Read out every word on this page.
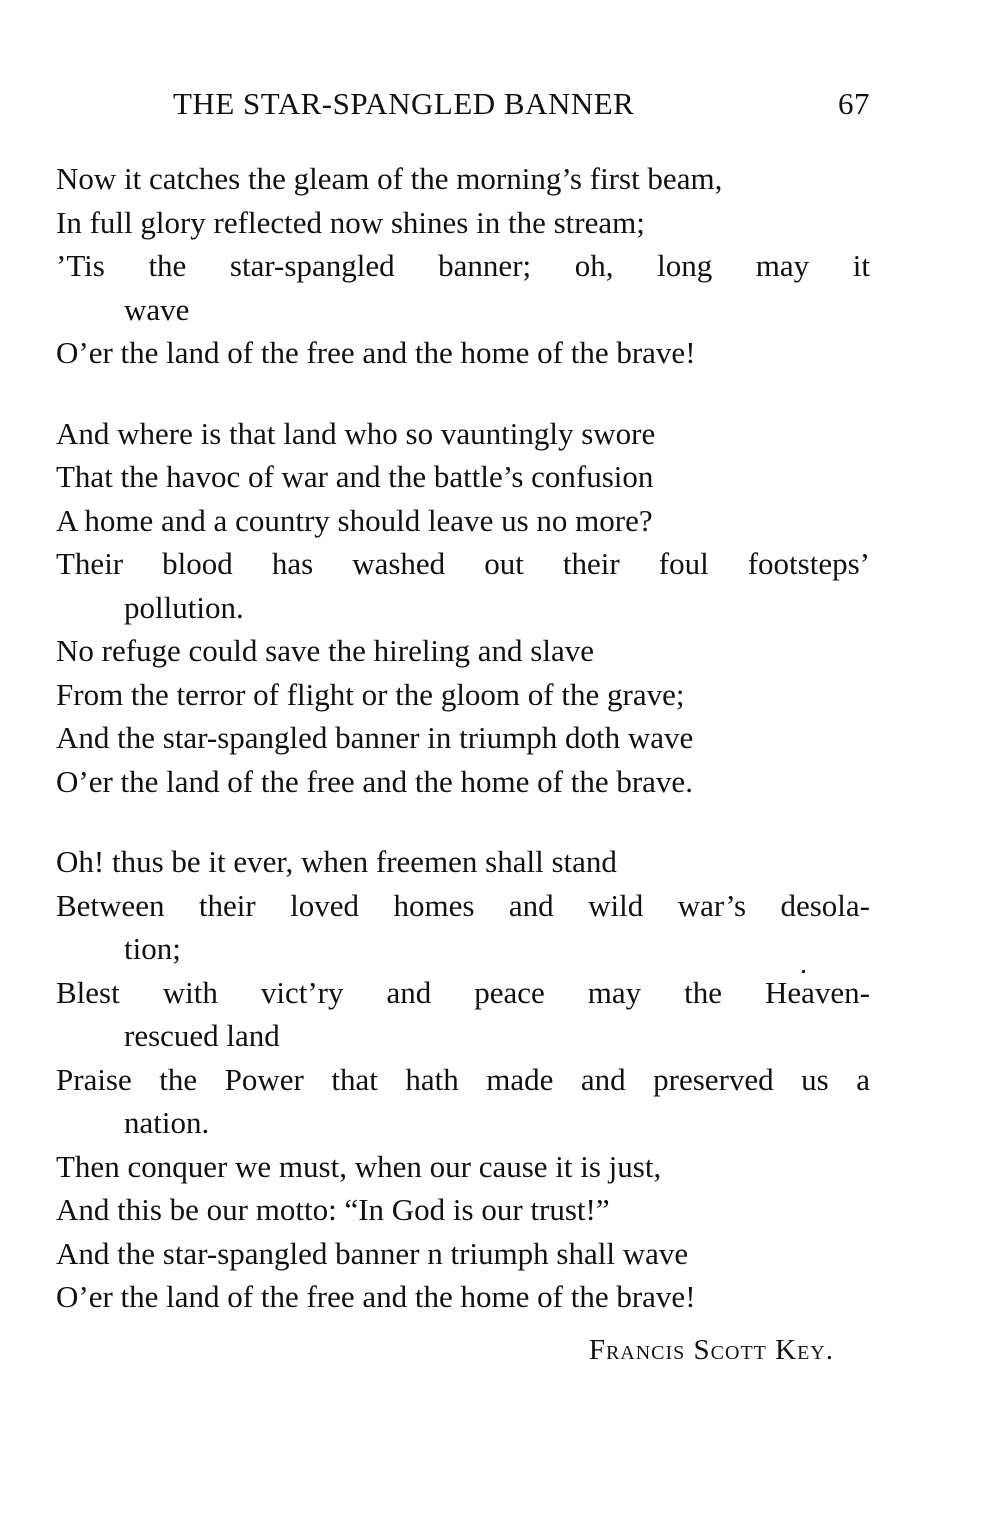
THE STAR-SPANGLED BANNER	67
Now it catches the gleam of the morning’s first beam,
In full glory reflected now shines in the stream;
’Tis the star-spangled banner; oh, long may it
wave
O’er the land of the free and the home of the brave!
And where is that land who so vauntingly swore
That the havoc of war and the battle’s confusion
A home and a country should leave us no more?
Their blood has washed out their foul footsteps’
pollution.
No refuge could save the hireling and slave
From the terror of flight or the gloom of the grave;
And the star-spangled banner in triumph doth wave
O’er the land of the free and the home of the brave.
Oh! thus be it ever, when freemen shall stand
Between their loved homes and wild war’s desola-
tion;
Blest with vict’ry and peace may the Heaven-
rescued land
Praise the Power that hath made and preserved us a
nation.
Then conquer we must, when our cause it is just,
And this be our motto: “In God is our trust!”
And the star-spangled banner n triumph shall wave
O’er the land of the free and the home of the brave!
Francis Scott Key.
